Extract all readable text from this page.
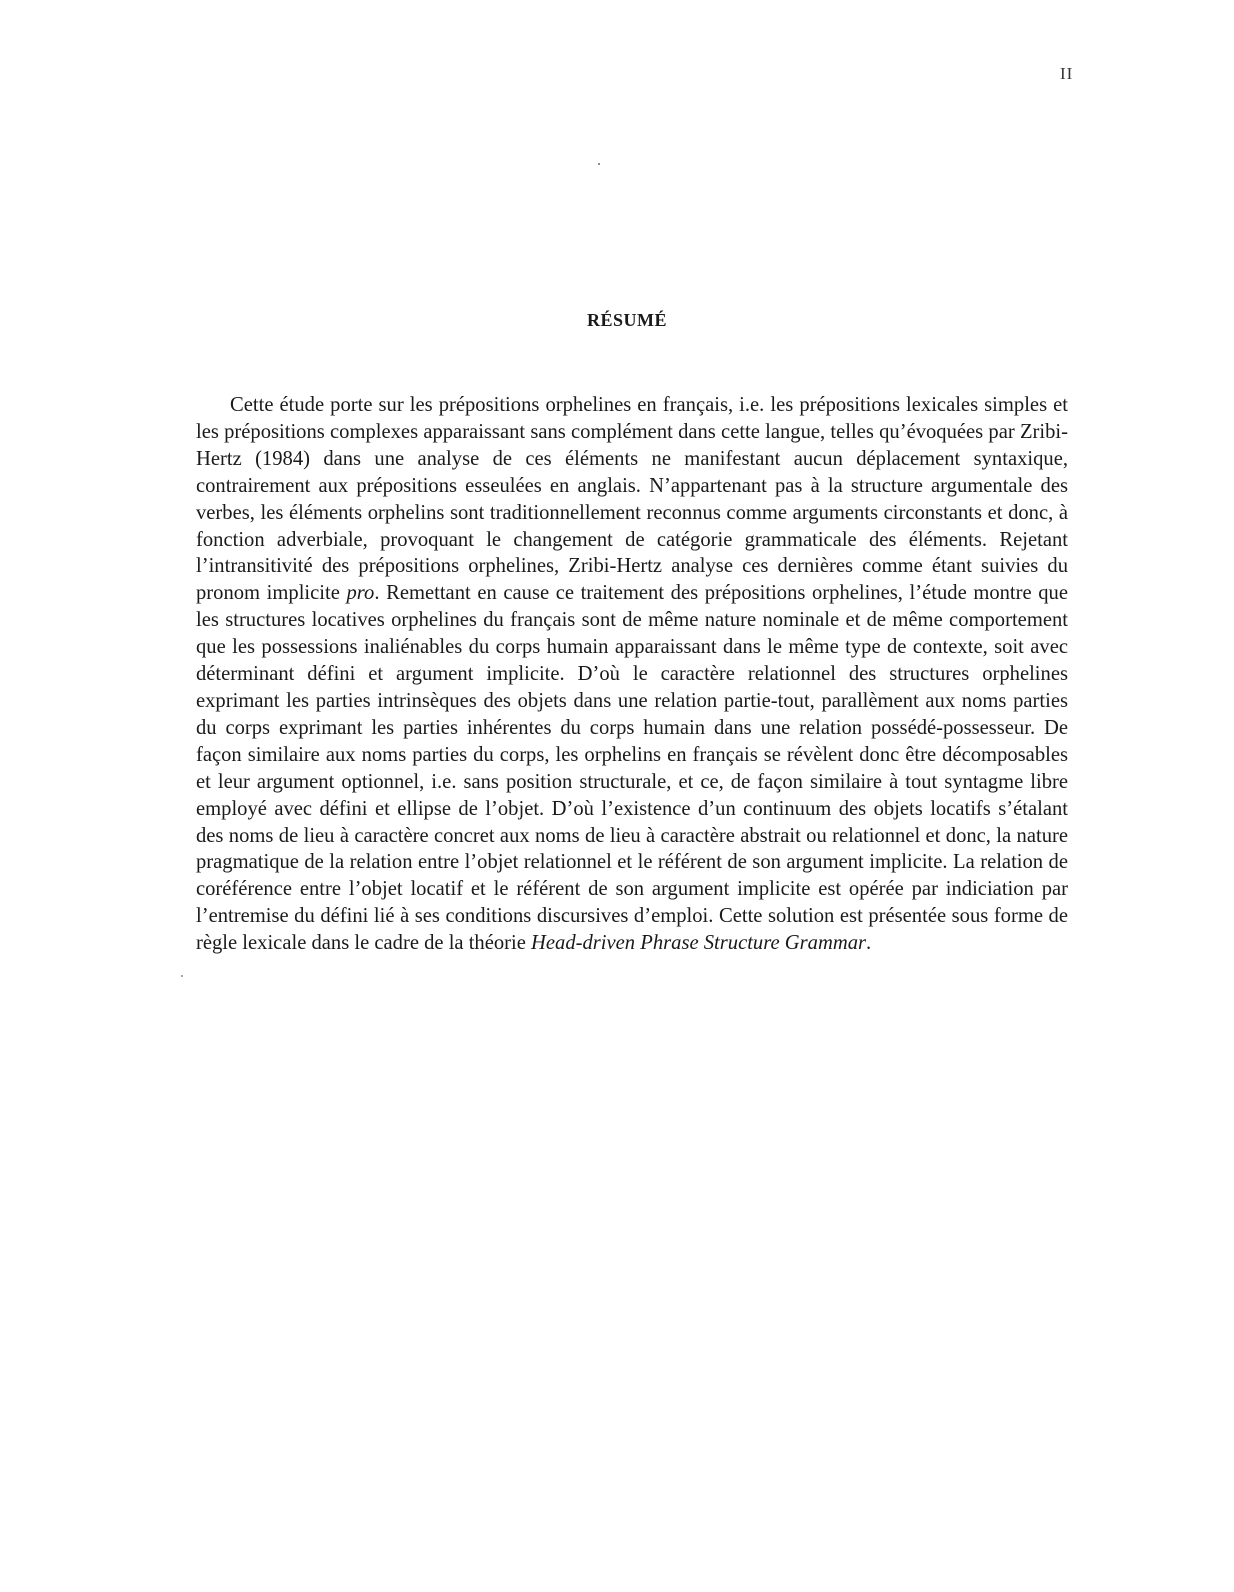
II
RÉSUMÉ

Cette étude porte sur les prépositions orphelines en français, i.e. les prépositions lexicales simples et les prépositions complexes apparaissant sans complément dans cette langue, telles qu’évoquées par Zribi-Hertz (1984) dans une analyse de ces éléments ne manifestant aucun déplacement syntaxique, contrairement aux prépositions esseulées en anglais. N’appartenant pas à la structure argumentale des verbes, les éléments orphelins sont traditionnellement reconnus comme arguments circonstants et donc, à fonction adverbiale, provoquant le changement de catégorie grammaticale des éléments. Rejetant l’intransitivité des prépositions orphelines, Zribi-Hertz analyse ces dernières comme étant suivies du pronom implicite pro. Remettant en cause ce traitement des prépositions orphelines, l’étude montre que les structures locatives orphelines du français sont de même nature nominale et de même comportement que les possessions inaliénables du corps humain apparaissant dans le même type de contexte, soit avec déterminant défini et argument implicite. D’où le caractère relationnel des structures orphelines exprimant les parties intrinsèques des objets dans une relation partie-tout, parallèment aux noms parties du corps exprimant les parties inhérentes du corps humain dans une relation possédé-possesseur. De façon similaire aux noms parties du corps, les orphelins en français se révèlent donc être décomposables et leur argument optionnel, i.e. sans position structurale, et ce, de façon similaire à tout syntagme libre employé avec défini et ellipse de l’objet. D’où l’existence d’un continuum des objets locatifs s’étalant des noms de lieu à caractère concret aux noms de lieu à caractère abstrait ou relationnel et donc, la nature pragmatique de la relation entre l’objet relationnel et le référent de son argument implicite. La relation de coréférence entre l’objet locatif et le référent de son argument implicite est opérée par indiciation par l’entremise du défini lié à ses conditions discursives d’emploi. Cette solution est présentée sous forme de règle lexicale dans le cadre de la théorie Head-driven Phrase Structure Grammar.
